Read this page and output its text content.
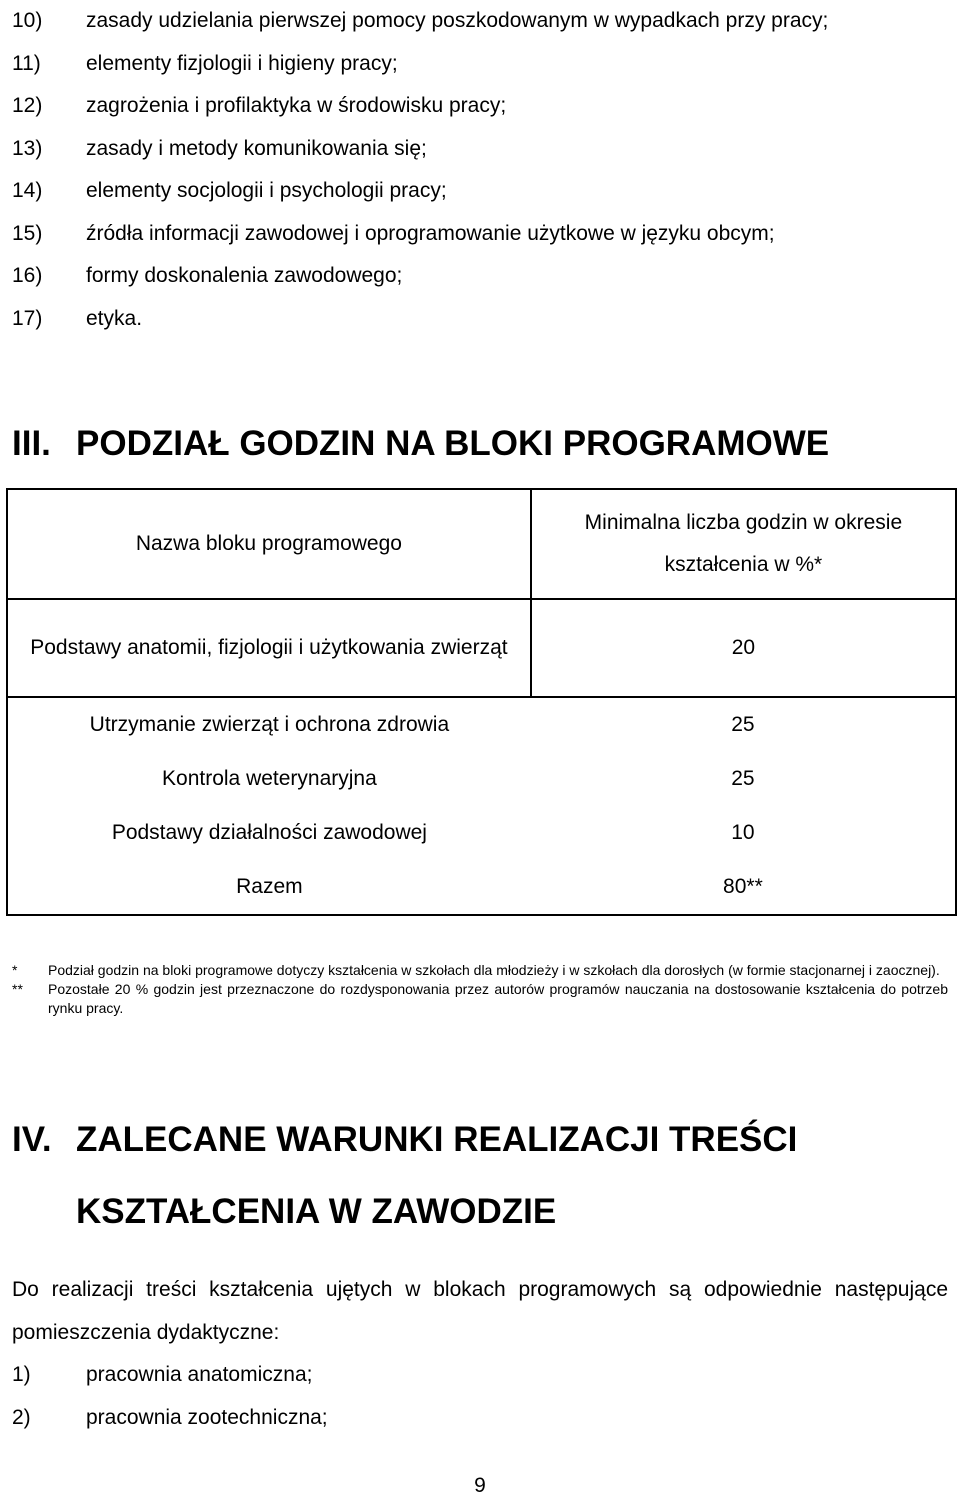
10) zasady udzielania pierwszej pomocy poszkodowanym w wypadkach przy pracy;
11) elementy fizjologii i higieny pracy;
12) zagrożenia i profilaktyka w środowisku pracy;
13) zasady i metody komunikowania się;
14) elementy socjologii i psychologii pracy;
15) źródła informacji zawodowej i oprogramowanie użytkowe w języku obcym;
16) formy doskonalenia zawodowego;
17) etyka.
III. PODZIAŁ GODZIN NA BLOKI PROGRAMOWE
Nazwa bloku programowego	Minimalna liczba godzin w okresie kształcenia w %*
Podstawy anatomii, fizjologii i użytkowania zwierząt	20
Utrzymanie zwierząt i ochrona zdrowia	25
Kontrola weterynaryjna	25
Podstawy działalności zawodowej	10
Razem	80**
* Podział godzin na bloki programowe dotyczy kształcenia w szkołach dla młodzieży i w szkołach dla dorosłych (w formie stacjonarnej i zaocznej).
** Pozostałe 20 % godzin jest przeznaczone do rozdysponowania przez autorów programów nauczania na dostosowanie kształcenia do potrzeb rynku pracy.
IV. ZALECANE WARUNKI REALIZACJI TREŚCI
KSZTAŁCENIA W ZAWODZIE
Do realizacji treści kształcenia ujętych w blokach programowych są odpowiednie następujące pomieszczenia dydaktyczne:
1)	pracownia anatomiczna;
2)	pracownia zootechniczna;
9
